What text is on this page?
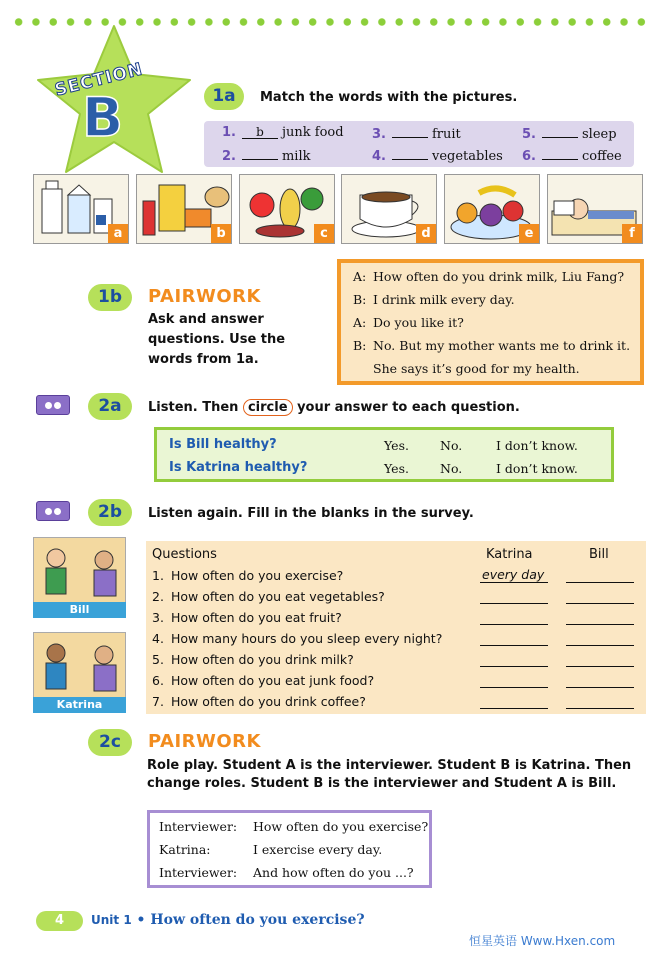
SECTION
B	1a	Match the words with the pictures.
1. b junk food
2.	milk
3.	fruit
4.	vegetables
5.	sleep
6.	coffee
a	b	c	d	e	f
1b	PAIRWORK
Ask and answer
questions. Use the
words from 1a.
A: How often do you drink milk, Liu Fang?
B: I drink milk every day.
A: Do you like it?
B: No. But my mother wants me to drink it.
She says it’s good for my health.
2a	Listen. Then circle your answer to each question.
Is Bill healthy?	Yes. No.	I don’t know.
Is Katrina healthy?	Yes. No.	I don’t know.
2b	Listen again. Fill in the blanks in the survey.
Bill
Katrina
Questions	Katrina	Bill
1. How often do you exercise?	every day
2. How often do you eat vegetables?
3. How often do you eat fruit?
4. How many hours do you sleep every night?
5. How often do you drink milk?
6. How often do you eat junk food?
7. How often do you drink coffee?
2c	PAIRWORK
Role play. Student A is the interviewer. Student B is Katrina. Then change roles. Student B is the interviewer and Student A is Bill.
Interviewer: How often do you exercise?
Katrina:	I exercise every day.
Interviewer: And how often do you ...?
4	Unit 1 • How often do you exercise?
恒星英语 Www.Hxen.com
